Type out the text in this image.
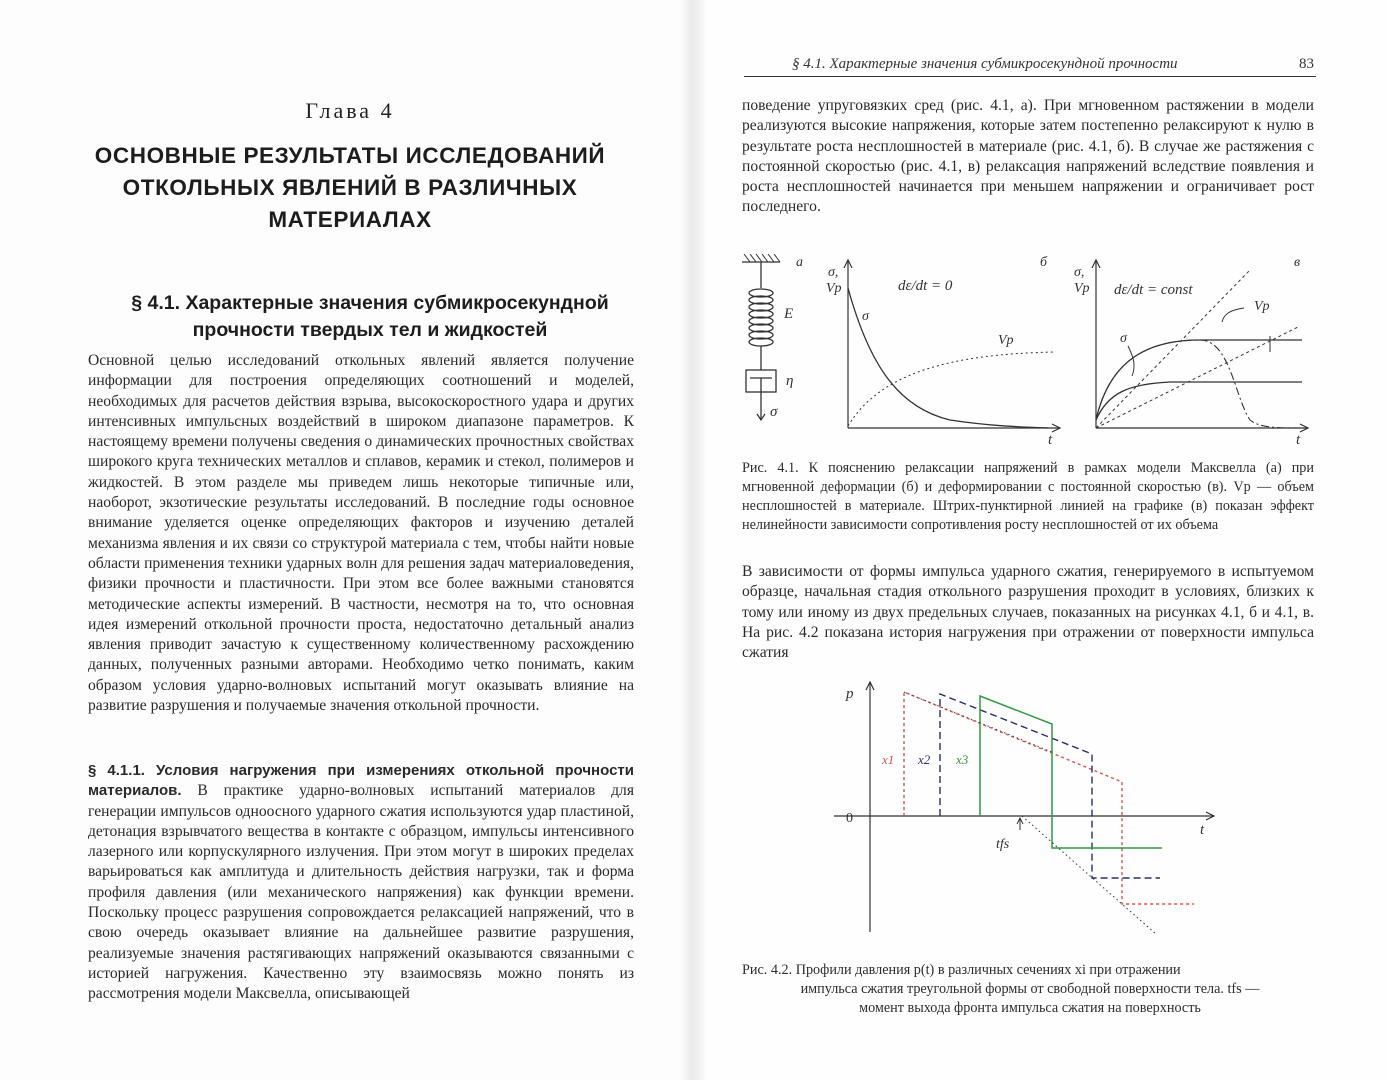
Глава 4
ОСНОВНЫЕ РЕЗУЛЬТАТЫ ИССЛЕДОВАНИЙ ОТКОЛЬНЫХ ЯВЛЕНИЙ В РАЗЛИЧНЫХ МАТЕРИАЛАХ
§ 4.1. Характерные значения субмикросекундной прочности твердых тел и жидкостей
Основной целью исследований откольных явлений является получение информации для построения определяющих соотношений и моделей, необходимых для расчетов действия взрыва, высокоскоростного удара и других интенсивных импульсных воздействий в широком диапазоне параметров. К настоящему времени получены сведения о динамических прочностных свойствах широкого круга технических металлов и сплавов, керамик и стекол, полимеров и жидкостей. В этом разделе мы приведем лишь некоторые типичные или, наоборот, экзотические результаты исследований. В последние годы основное внимание уделяется оценке определяющих факторов и изучению деталей механизма явления и их связи со структурой материала с тем, чтобы найти новые области применения техники ударных волн для решения задач материаловедения, физики прочности и пластичности. При этом все более важными становятся методические аспекты измерений. В частности, несмотря на то, что основная идея измерений откольной прочности проста, недостаточно детальный анализ явления приводит зачастую к существенному количественному расхождению данных, полученных разными авторами. Необходимо четко понимать, каким образом условия ударно-волновых испытаний могут оказывать влияние на развитие разрушения и получаемые значения откольной прочности.
§ 4.1.1. Условия нагружения при измерениях откольной прочности материалов. В практике ударно-волновых испытаний материалов для генерации импульсов одноосного ударного сжатия используются удар пластиной, детонация взрывчатого вещества в контакте с образцом, импульсы интенсивного лазерного или корпускулярного излучения. При этом могут в широких пределах варьироваться как амплитуда и длительность действия нагрузки, так и форма профиля давления (или механического напряжения) как функции времени. Поскольку процесс разрушения сопровождается релаксацией напряжений, что в свою очередь оказывает влияние на дальнейшее развитие разрушения, реализуемые значения растягивающих напряжений оказываются связанными с историей нагружения. Качественно эту взаимосвязь можно понять из рассмотрения модели Максвелла, описывающей
§ 4.1. Характерные значения субмикросекундной прочности	83
поведение упруговязких сред (рис. 4.1, а). При мгновенном растяжении в модели реализуются высокие напряжения, которые затем постепенно релаксируют к нулю в результате роста несплошностей в материале (рис. 4.1, б). В случае же растяжения с постоянной скоростью (рис. 4.1, в) релаксация напряжений вследствие появления и роста несплошностей начинается при меньшем напряжении и ограничивает рост последнего.
а
E
η
σ
σ,
Vp	dε/dt = 0
б
σ
Vp
t
σ,
Vp dε/dt = const
в
σ
Vp
t
Рис. 4.1. К пояснению релаксации напряжений в рамках модели Максвелла (а) при мгновенной деформации (б) и деформировании с постоянной скоростью (в). Vp — объем несплошностей в материале. Штрих-пунктирной линией на графике (в) показан эффект нелинейности зависимости сопротивления росту несплошностей от их объема
В зависимости от формы импульса ударного сжатия, генерируемого в испытуемом образце, начальная стадия откольного разрушения проходит в условиях, близких к тому или иному из двух предельных случаев, показанных на рисунках 4.1, б и 4.1, в. На рис. 4.2 показана история нагружения при отражении от поверхности импульса сжатия
p
0
t
tfs
x1 x2 x3
Рис. 4.2. Профили давления p(t) в различных сечениях xi при отражении
импульса сжатия треугольной формы от свободной поверхности тела. tfs —
момент выхода фронта импульса сжатия на поверхность
